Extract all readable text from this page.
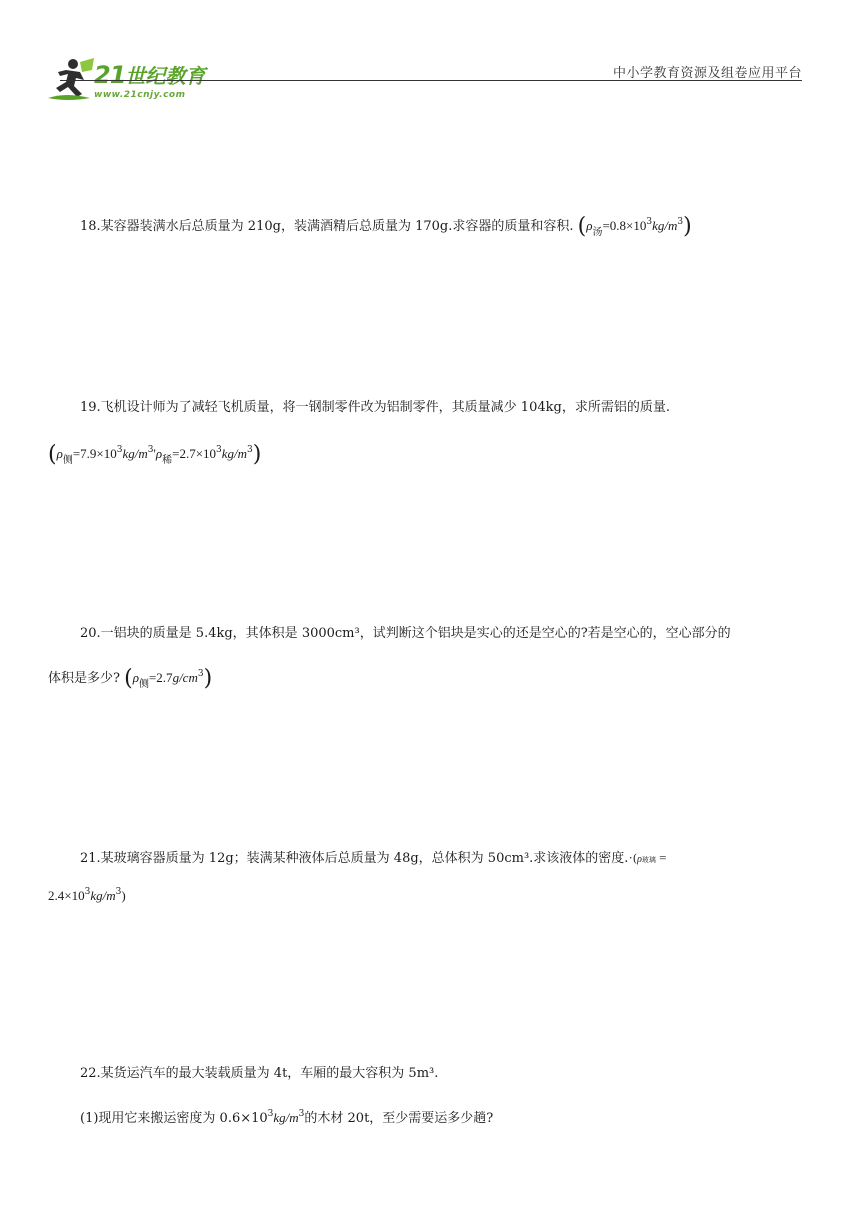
21世纪教育
www.21cnjy.com
中小学教育资源及组卷应用平台
18.某容器装满水后总质量为 210g，装满酒精后总质量为 170g.求容器的质量和容积. $(\rho_汤=0.8\times 10^3kg/m^3)$
19.飞机设计师为了减轻飞机质量，将一钢制零件改为铝制零件，其质量减少 104kg，求所需铝的质量.
$(\rho_侧=7.9\times 10^3kg/m^3'\rho_稀=2.7\times 10^3kg/m^3)$
20.一铝块的质量是 5.4kg，其体积是 3000cm³，试判断这个铝块是实心的还是空心的?若是空心的，空心部分的
体积是多少? $(\rho_侧=2.7g/cm^3)$
21.某玻璃容器质量为 12g；装满某种液体后总质量为 48g，总体积为 50cm³.求该液体的密度.·(ρ玻璃 =
$2.4\times 10^3kg/m^3$)
22.某货运汽车的最大装载质量为 4t，车厢的最大容积为 5m³.
(1)现用它来搬运密度为 $0.6\times 10^3kg/m^3$的木材 20t，至少需要运多少趟?
